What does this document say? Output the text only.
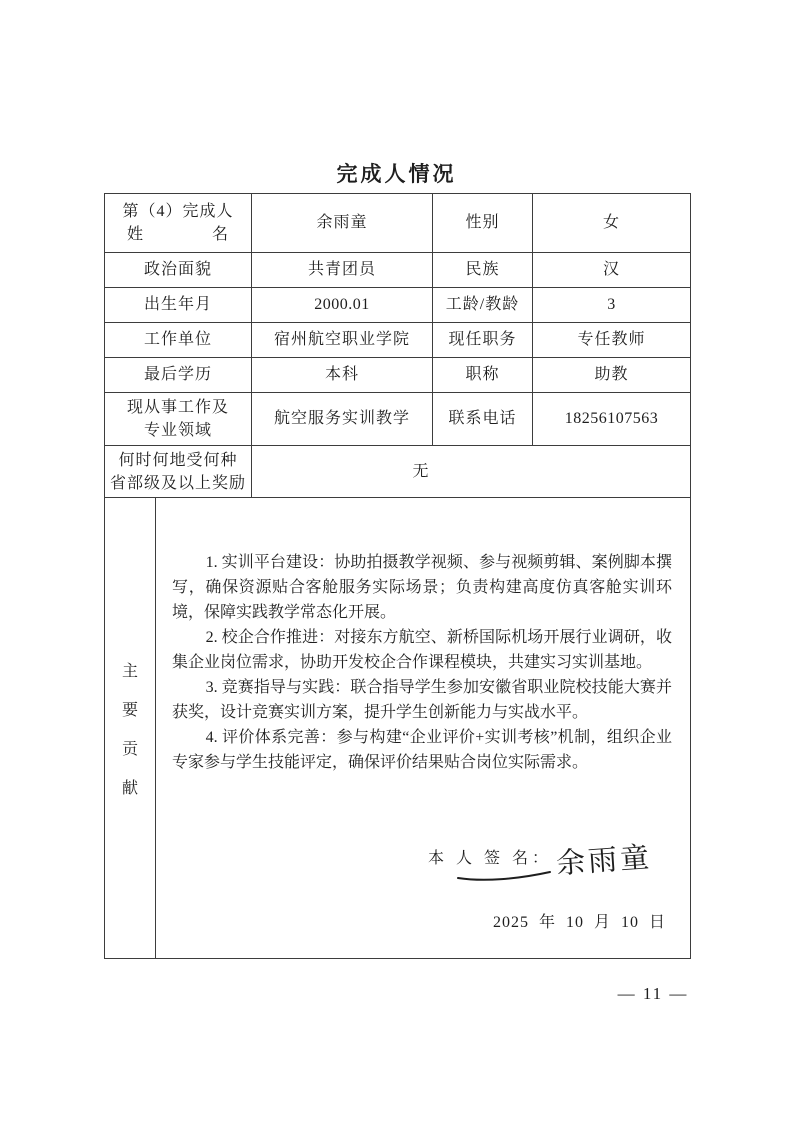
完成人情况
第（4）完成人
姓　　　　名
余雨童	性别	女
政治面貌	共青团员	民族	汉
出生年月	2000.01	工龄/教龄	3
工作单位	宿州航空职业学院	现任职务	专任教师
最后学历	本科	职称	助教
现从事工作及
专业领域
航空服务实训教学	联系电话	18256107563
何时何地受何种
省部级及以上奖励
无
主
要
贡
献

1. 实训平台建设：协助拍摄教学视频、参与视频剪辑、案例脚本撰写，确保资源贴合客舱服务实际场景；负责构建高度仿真客舱实训环境，保障实践教学常态化开展。

2. 校企合作推进：对接东方航空、新桥国际机场开展行业调研，收集企业岗位需求，协助开发校企合作课程模块，共建实习实训基地。

3. 竞赛指导与实践：联合指导学生参加安徽省职业院校技能大赛并获奖，设计竞赛实训方案，提升学生创新能力与实战水平。

4. 评价体系完善：参与构建“企业评价+实训考核”机制，组织企业专家参与学生技能评定，确保评价结果贴合岗位实际需求。

本 人 签 名： 余雨童
2025 年 10 月 10 日
— 11 —
